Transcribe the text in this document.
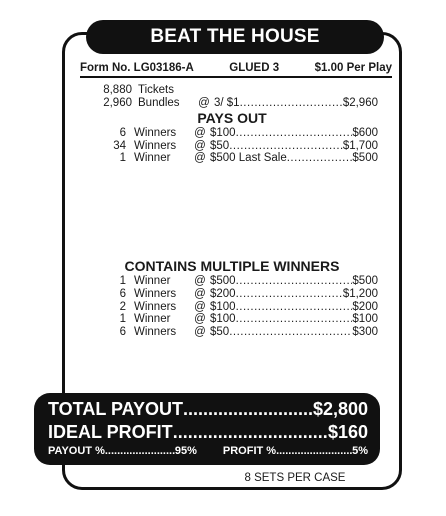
BEAT THE HOUSE
Form No. LG03186-A	GLUED 3	$1.00 Per Play
8,880 Tickets
2,960 Bundles	@ 3/ $1 .....	$2,960
PAYS OUT
6 Winners	@ $100 .....	$600
34 Winners	@ $50 .....	$1,700
1 Winner	@ $500 Last Sale .....	$500
CONTAINS MULTIPLE WINNERS
1 Winner	@ $500 .....	$500
6 Winners	@ $200 .....	$1,200
2 Winners	@ $100 .....	$200
1 Winner	@ $100 .....	$100
6 Winners	@ $50 .....	$300
TOTAL PAYOUT .....	$2,800
IDEAL PROFIT .....	$160
PAYOUT % .....	95% PROFIT % .....	5%
8 SETS PER CASE
